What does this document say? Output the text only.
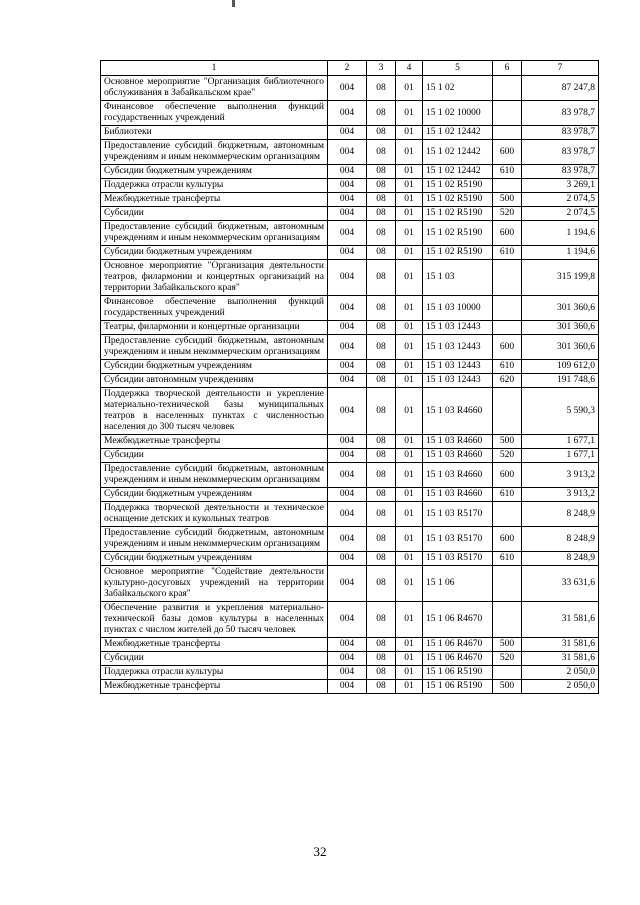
1	2	3	4	5	6	7
Основное мероприятие "Организация библиотечного обслуживания в Забайкальском крае"	004	08	01	15 1 02		87 247,8
Финансовое обеспечение выполнения функций государственных учреждений	004	08	01	15 1 02 10000		83 978,7
Библиотеки	004	08	01	15 1 02 12442		83 978,7
Предоставление субсидий бюджетным, автономным учреждениям и иным некоммерческим организациям	004	08	01	15 1 02 12442	600	83 978,7
Субсидии бюджетным учреждениям	004	08	01	15 1 02 12442	610	83 978,7
Поддержка отрасли культуры	004	08	01	15 1 02 R5190		3 269,1
Межбюджетные трансферты	004	08	01	15 1 02 R5190	500	2 074,5
Субсидии	004	08	01	15 1 02 R5190	520	2 074,5
Предоставление субсидий бюджетным, автономным учреждениям и иным некоммерческим организациям	004	08	01	15 1 02 R5190	600	1 194,6
Субсидии бюджетным учреждениям	004	08	01	15 1 02 R5190	610	1 194,6
Основное мероприятие "Организация деятельности театров, филармонии и концертных организаций на территории Забайкальского края"	004	08	01	15 1 03		315 199,8
Финансовое обеспечение выполнения функций государственных учреждений	004	08	01	15 1 03 10000		301 360,6
Театры, филармонии и концертные организации	004	08	01	15 1 03 12443		301 360,6
Предоставление субсидий бюджетным, автономным учреждениям и иным некоммерческим организациям	004	08	01	15 1 03 12443	600	301 360,6
Субсидии бюджетным учреждениям	004	08	01	15 1 03 12443	610	109 612,0
Субсидии автономным учреждениям	004	08	01	15 1 03 12443	620	191 748,6
Поддержка творческой деятельности и укрепление материально-технической базы муниципальных театров в населенных пунктах с численностью населения до 300 тысяч человек	004	08	01	15 1 03 R4660		5 590,3
Межбюджетные трансферты	004	08	01	15 1 03 R4660	500	1 677,1
Субсидии	004	08	01	15 1 03 R4660	520	1 677,1
Предоставление субсидий бюджетным, автономным учреждениям и иным некоммерческим организациям	004	08	01	15 1 03 R4660	600	3 913,2
Субсидии бюджетным учреждениям	004	08	01	15 1 03 R4660	610	3 913,2
Поддержка творческой деятельности и техническое оснащение детских и кукольных театров	004	08	01	15 1 03 R5170		8 248,9
Предоставление субсидий бюджетным, автономным учреждениям и иным некоммерческим организациям	004	08	01	15 1 03 R5170	600	8 248,9
Субсидии бюджетным учреждениям	004	08	01	15 1 03 R5170	610	8 248,9
Основное мероприятие "Содействие деятельности культурно-досуговых учреждений на территории Забайкальского края"	004	08	01	15 1 06		33 631,6
Обеспечение развития и укрепления материально-технической базы домов культуры в населенных пунктах с числом жителей до 50 тысяч человек	004	08	01	15 1 06 R4670		31 581,6
Межбюджетные трансферты	004	08	01	15 1 06 R4670	500	31 581,6
Субсидии	004	08	01	15 1 06 R4670	520	31 581,6
Поддержка отрасли культуры	004	08	01	15 1 06 R5190		2 050,0
Межбюджетные трансферты	004	08	01	15 1 06 R5190	500	2 050,0
32
